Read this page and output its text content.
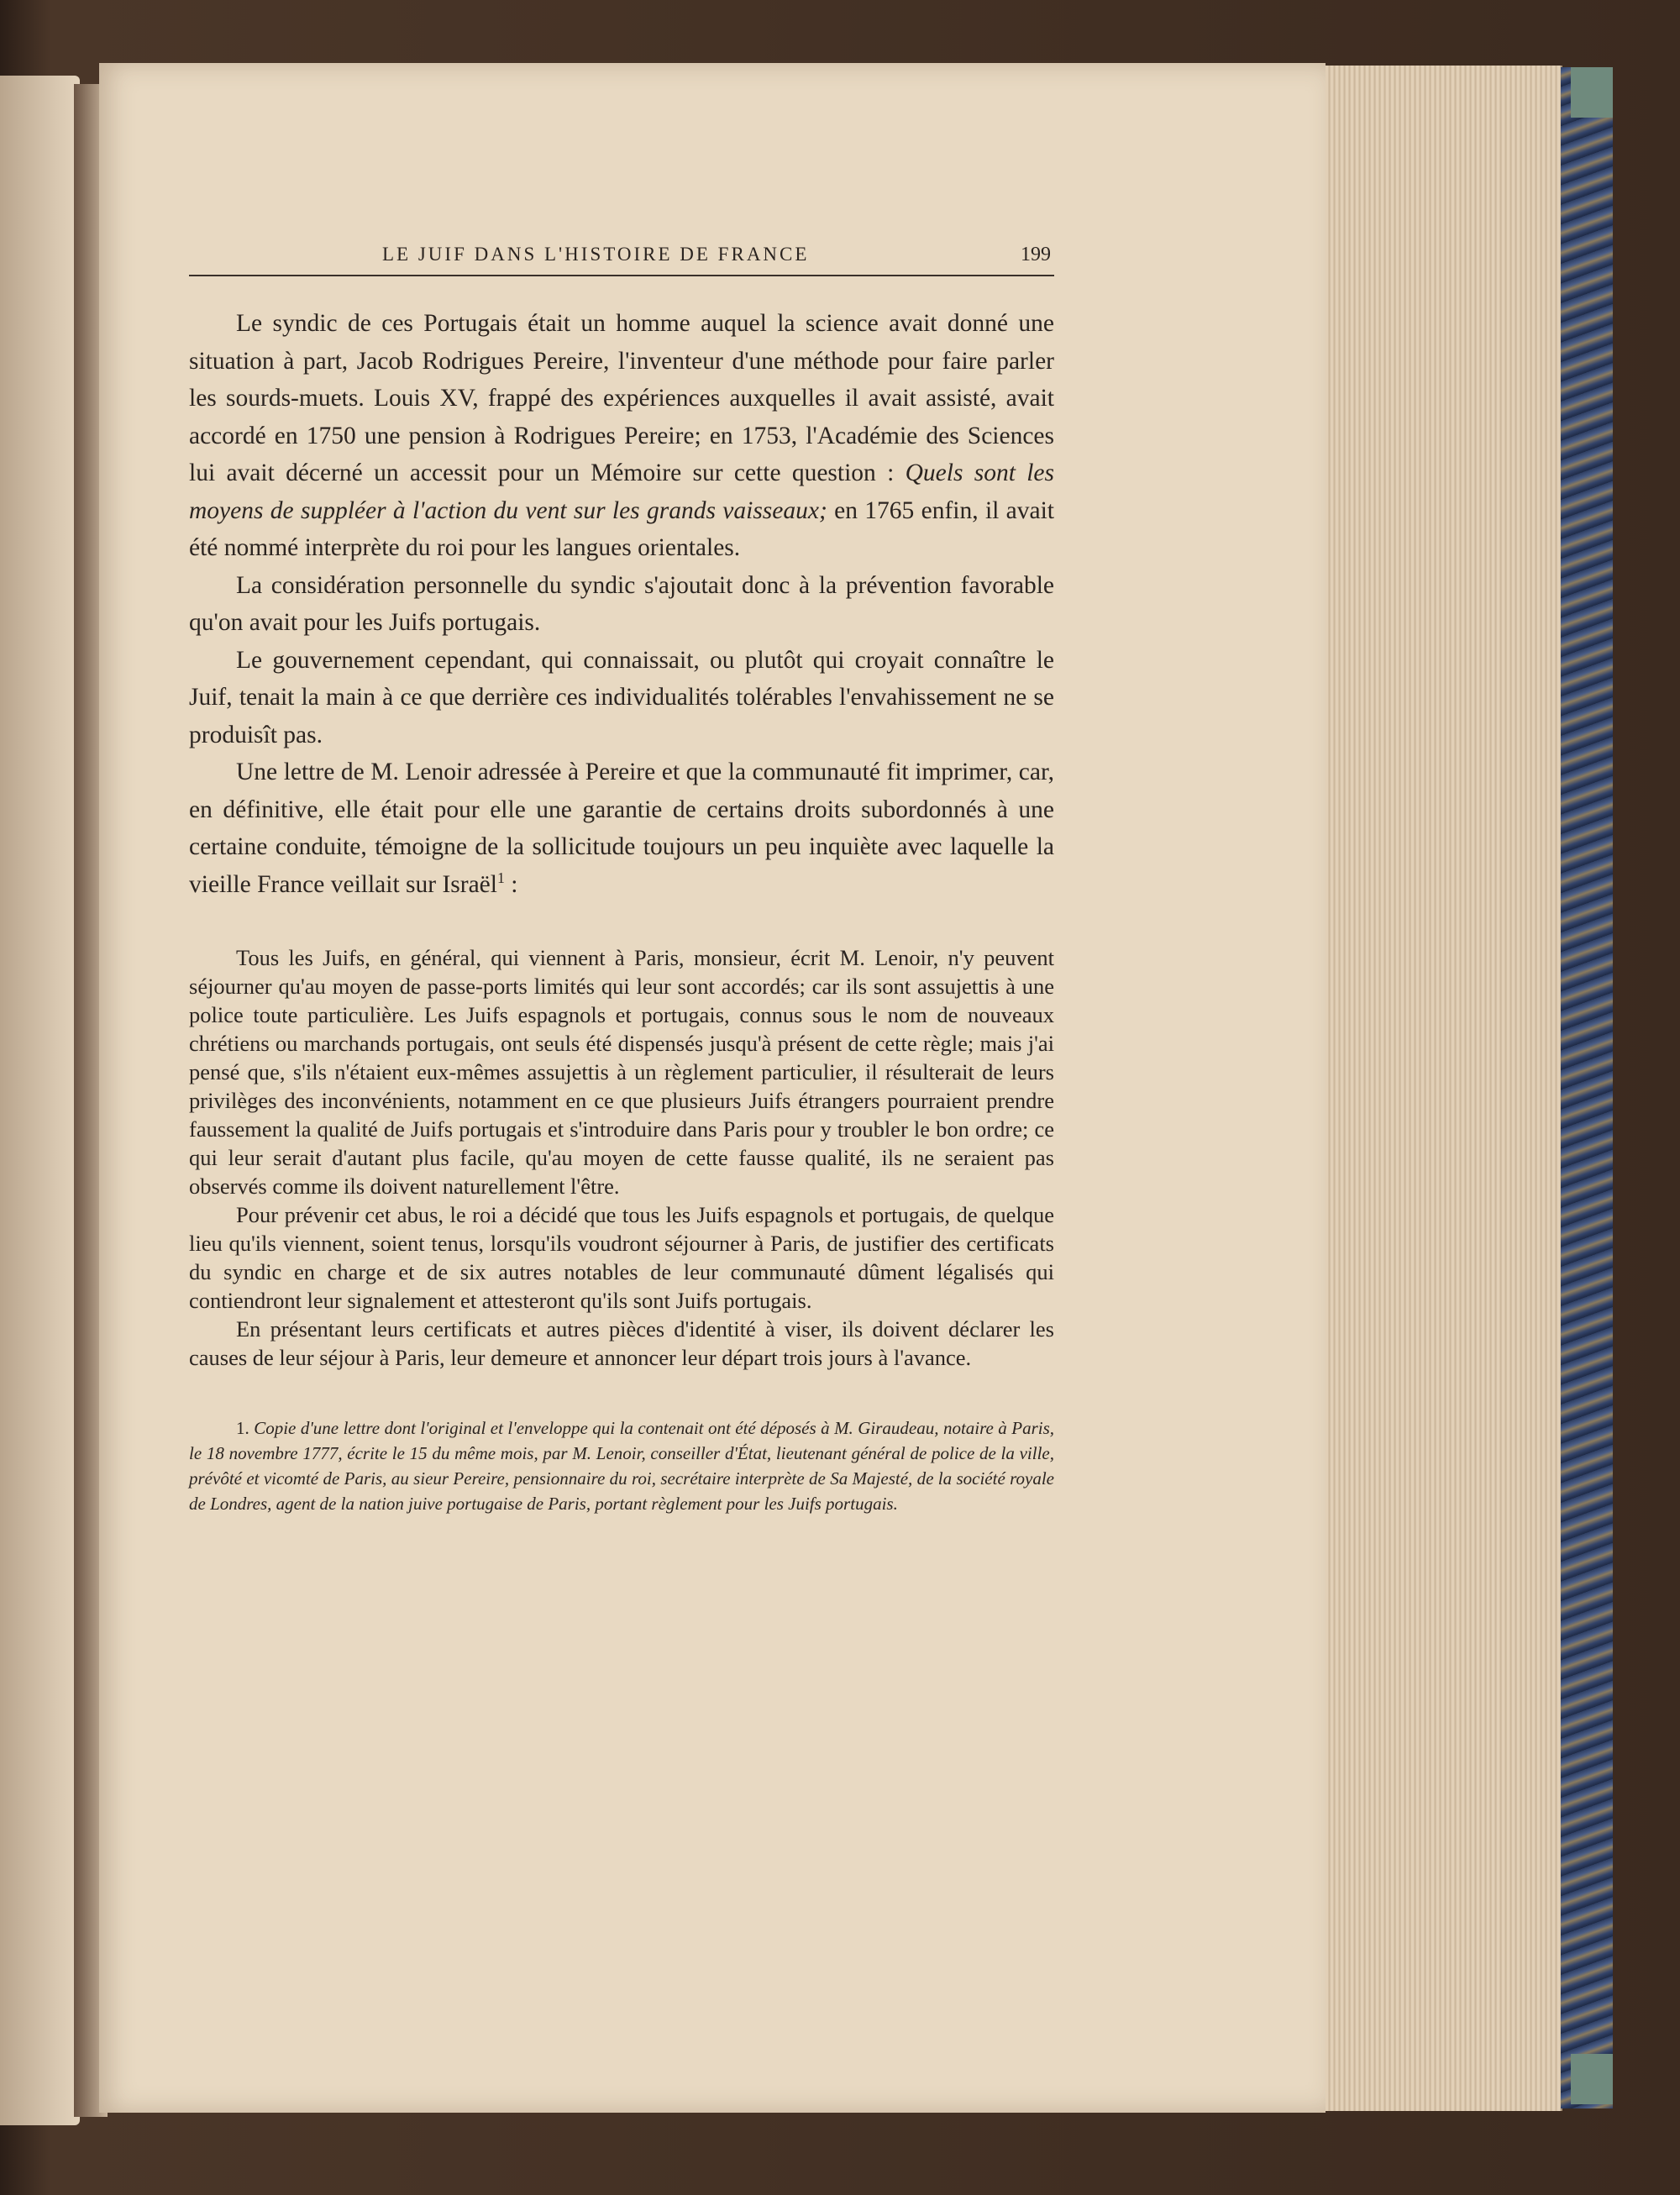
LE JUIF DANS L'HISTOIRE DE FRANCE	199

Le syndic de ces Portugais était un homme auquel la science avait donné une situation à part, Jacob Rodrigues Pereire, l'inventeur d'une méthode pour faire parler les sourds-muets. Louis XV, frappé des expériences auxquelles il avait assisté, avait accordé en 1750 une pension à Rodrigues Pereire; en 1753, l'Académie des Sciences lui avait décerné un accessit pour un Mémoire sur cette question : Quels sont les moyens de suppléer à l'action du vent sur les grands vaisseaux; en 1765 enfin, il avait été nommé interprète du roi pour les langues orientales.

La considération personnelle du syndic s'ajoutait donc à la prévention favorable qu'on avait pour les Juifs portugais.

Le gouvernement cependant, qui connaissait, ou plutôt qui croyait connaître le Juif, tenait la main à ce que derrière ces individualités tolérables l'envahissement ne se produisît pas.

Une lettre de M. Lenoir adressée à Pereire et que la communauté fit imprimer, car, en définitive, elle était pour elle une garantie de certains droits subordonnés à une certaine conduite, témoigne de la sollicitude toujours un peu inquiète avec laquelle la vieille France veillait sur Israël$^1$ :

Tous les Juifs, en général, qui viennent à Paris, monsieur, écrit M. Lenoir, n'y peuvent séjourner qu'au moyen de passe-ports limités qui leur sont accordés; car ils sont assujettis à une police toute particulière. Les Juifs espagnols et portugais, connus sous le nom de nouveaux chrétiens ou marchands portugais, ont seuls été dispensés jusqu'à présent de cette règle; mais j'ai pensé que, s'ils n'étaient eux-mêmes assujettis à un règlement particulier, il résulterait de leurs privilèges des inconvénients, notamment en ce que plusieurs Juifs étrangers pourraient prendre faussement la qualité de Juifs portugais et s'introduire dans Paris pour y troubler le bon ordre; ce qui leur serait d'autant plus facile, qu'au moyen de cette fausse qualité, ils ne seraient pas observés comme ils doivent naturellement l'être.

Pour prévenir cet abus, le roi a décidé que tous les Juifs espagnols et portugais, de quelque lieu qu'ils viennent, soient tenus, lorsqu'ils voudront séjourner à Paris, de justifier des certificats du syndic en charge et de six autres notables de leur communauté dûment légalisés qui contiendront leur signalement et attesteront qu'ils sont Juifs portugais.

En présentant leurs certificats et autres pièces d'identité à viser, ils doivent déclarer les causes de leur séjour à Paris, leur demeure et annoncer leur départ trois jours à l'avance.

1. Copie d'une lettre dont l'original et l'enveloppe qui la contenait ont été déposés à M. Giraudeau, notaire à Paris, le 18 novembre 1777, écrite le 15 du même mois, par M. Lenoir, conseiller d'État, lieutenant général de police de la ville, prévôté et vicomté de Paris, au sieur Pereire, pensionnaire du roi, secrétaire interprète de Sa Majesté, de la société royale de Londres, agent de la nation juive portugaise de Paris, portant règlement pour les Juifs portugais.
